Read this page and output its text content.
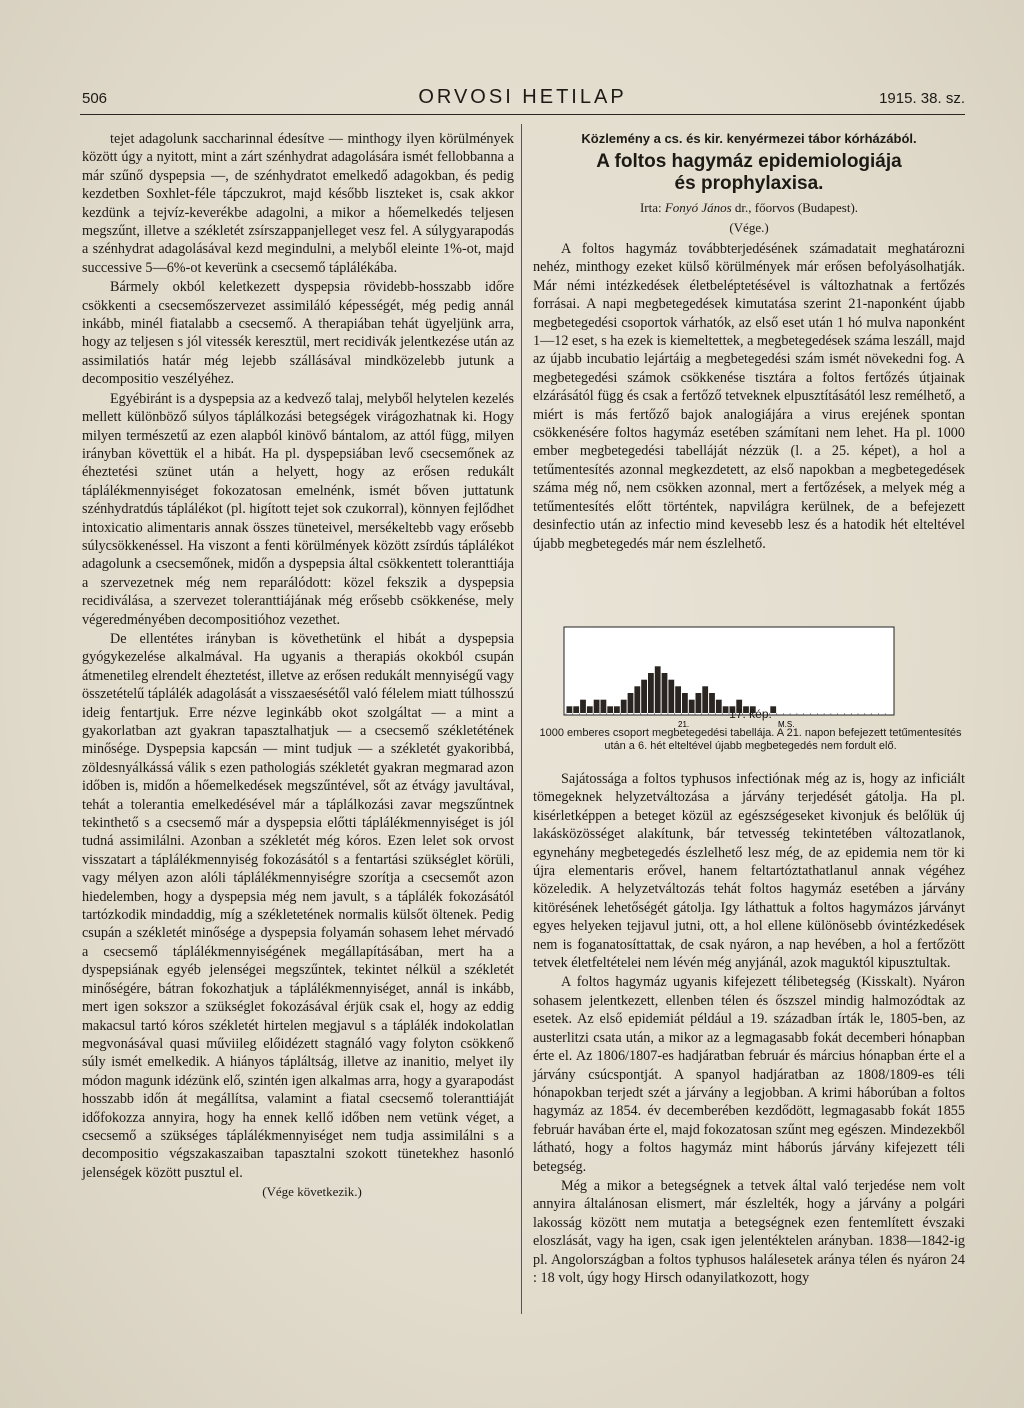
506	ORVOSI HETILAP	1915. 38. sz.

tejet adagolunk saccharinnal édesítve — minthogy ilyen körülmények között úgy a nyitott, mint a zárt szénhydrat adagolására ismét fellobbanna a már szűnő dyspepsia —, de szénhydratot emelkedő adagokban, és pedig kezdetben Soxhlet-féle tápczukrot, majd később liszteket is, csak akkor kezdünk a tejvíz-keverékbe adagolni, a mikor a hőemelkedés teljesen megszűnt, illetve a székletét zsírszappanjelleget vesz fel. A súlygyarapodás a szénhydrat adagolásával kezd megindulni, a melyből eleinte 1%-ot, majd successive 5—6%-ot keverünk a csecsemő táplálékába.

Bármely okból keletkezett dyspepsia rövidebb-hosszabb időre csökkenti a csecsemőszervezet assimiláló képességét, még pedig annál inkább, minél fiatalabb a csecsemő. A therapiában tehát ügyeljünk arra, hogy az teljesen s jól vitessék keresztül, mert recidivák jelentkezése után az assimilatiós határ még lejebb szállásával mindközelebb jutunk a decompositio veszélyéhez.

Egyébiránt is a dyspepsia az a kedvező talaj, melyből helytelen kezelés mellett különböző súlyos táplálkozási betegségek virágozhatnak ki. Hogy milyen természetű az ezen alapból kinövő bántalom, az attól függ, milyen irányban követtük el a hibát. Ha pl. dyspepsiában levő csecsemőnek az éheztetési szünet után a helyett, hogy az erősen redukált táplálékmennyiséget fokozatosan emelnénk, ismét bőven juttatunk szénhydratdús táplálékot (pl. higított tejet sok czukorral), könnyen fejlődhet intoxicatio alimentaris annak összes tüneteivel, mersékeltebb vagy erősebb súlycsökkenéssel. Ha viszont a fenti körülmények között zsírdús táplálékot adagolunk a csecsemőnek, midőn a dyspepsia által csökkentett toleranttiája a szervezetnek még nem reparálódott: közel fekszik a dyspepsia recidiválása, a szervezet toleranttiájának még erősebb csökkenése, mely végeredményében decompositióhoz vezethet.

De ellentétes irányban is követhetünk el hibát a dyspepsia gyógykezelése alkalmával. Ha ugyanis a therapiás okokból csupán átmenetileg elrendelt éheztetést, illetve az erősen redukált mennyiségű vagy összetételű táplálék adagolását a visszaesésétől való félelem miatt túlhosszú ideig fentartjuk. Erre nézve leginkább okot szolgáltat — a mint a gyakorlatban azt gyakran tapasztalhatjuk — a csecsemő székletétének minősége. Dyspepsia kapcsán — mint tudjuk — a székletét gyakoribbá, zöldesnyálkássá válik s ezen pathologiás székletét gyakran megmarad azon időben is, midőn a hőemelkedések megszűntével, sőt az étvágy javultával, tehát a tolerantia emelkedésével már a táplálkozási zavar megszűntnek tekinthető s a csecsemő már a dyspepsia előtti táplálékmennyiséget is jól tudná assimilálni. Azonban a székletét még kóros. Ezen lelet sok orvost visszatart a táplálékmennyiség fokozásától s a fentartási szükséglet körüli, vagy mélyen azon alóli táplálékmennyiségre szorítja a csecsemőt azon hiedelemben, hogy a dyspepsia még nem javult, s a táplálék fokozásától tartózkodik mindaddig, míg a székletetének normalis külsőt öltenek. Pedig csupán a székletét minősége a dyspepsia folyamán sohasem lehet mérvadó a csecsemő táplálékmennyiségének megállapításában, mert ha a dyspepsiának egyéb jelenségei megszűntek, tekintet nélkül a székletét minőségére, bátran fokozhatjuk a táplálékmennyiséget, annál is inkább, mert igen sokszor a szükséglet fokozásával érjük csak el, hogy az eddig makacsul tartó kóros székletét hirtelen megjavul s a táplálék indokolatlan megvonásával quasi műviileg előidézett stagnáló vagy folyton csökkenő súly ismét emelkedik. A hiányos tápláltság, illetve az inanitio, melyet ily módon magunk idézünk elő, szintén igen alkalmas arra, hogy a gyarapodást hosszabb időn át megállítsa, valamint a fiatal csecsemő toleranttiáját időfokozza annyira, hogy ha ennek kellő időben nem vetünk véget, a csecsemő a szükséges táplálékmennyiséget nem tudja assimilálni s a decompositio végszakaszaiban tapasztalni szokott tünetekhez hasonló jelenségek között pusztul el.

(Vége következik.)

Közlemény a cs. és kir. kenyérmezei tábor kórházából.
A foltos hagymáz epidemiologiája
és prophylaxisa.
Irta: Fonyó János dr., főorvos (Budapest).
(Vége.)

A foltos hagymáz továbbterjedésének számadatait meghatározni nehéz, minthogy ezeket külső körülmények már erősen befolyásolhatják. Már némi intézkedések életbeléptetésével is változhatnak a fertőzés forrásai. A napi megbetegedések kimutatása szerint 21-naponként újabb megbetegedési csoportok várhatók, az első eset után 1 hó mulva naponként 1—12 eset, s ha ezek is kiemeltettek, a megbetegedések száma leszáll, majd az újabb incubatio lejártáig a megbetegedési szám ismét növekedni fog. A megbetegedési számok csökkenése tisztára a foltos fertőzés útjainak elzárásától függ és csak a fertőző tetveknek elpusztításától lesz remélhető, a miért is más fertőző bajok analogiájára a virus erejének spontan csökkenésére foltos hagymáz esetében számítani nem lehet. Ha pl. 1000 ember megbetegedési tabelláját nézzük (l. a 25. képet), a hol a tetűmentesítés azonnal megkezdetett, az első napokban a megbetegedések száma még nő, nem csökken azonnal, mert a fertőzések, a melyek még a tetűmentesítés előtt történtek, napvilágra kerülnek, de a befejezett desinfectio után az infectio mind kevesebb lesz és a hatodik hét elteltével újabb megbetegedés már nem észlelhető.

21.	M.S.
17. kép.
1000 emberes csoport megbetegedési tabellája. A 21. napon befejezett tetűmentesítés után a 6. hét elteltével újabb megbetegedés nem fordult elő.

Sajátossága a foltos typhusos infectiónak még az is, hogy az inficiált tömegeknek helyzetváltozása a járvány terjedését gátolja. Ha pl. kisérletképpen a beteget közül az egészségeseket kivonjuk és belőlük új lakásközösséget alakítunk, bár tetvesség tekintetében változatlanok, egynehány megbetegedés észlelhető lesz még, de az epidemia nem tör ki újra elementaris erővel, hanem feltartóztathatlanul annak végéhez közeledik. A helyzetváltozás tehát foltos hagymáz esetében a járvány kitörésének lehetőségét gátolja. Igy láthattuk a foltos hagymázos járványt egyes helyeken tejjavul jutni, ott, a hol ellene különösebb óvintézkedések nem is foganatosíttattak, de csak nyáron, a nap hevében, a hol a fertőzött tetvek életfeltételei nem lévén még anyjánál, azok maguktól kipusztultak.

A foltos hagymáz ugyanis kifejezett télibetegség (Kisskalt). Nyáron sohasem jelentkezett, ellenben télen és őszszel mindig halmozódtak az esetek. Az első epidemiát például a 19. században írták le, 1805-ben, az austerlitzi csata után, a mikor az a legmagasabb fokát decemberi hónapban érte el. Az 1806/1807-es hadjáratban február és március hónapban érte el a járvány csúcspontját. A spanyol hadjáratban az 1808/1809-es téli hónapokban terjedt szét a járvány a legjobban. A krimi háborúban a foltos hagymáz az 1854. év decemberében kezdődött, legmagasabb fokát 1855 február havában érte el, majd fokozatosan szűnt meg egészen. Mindezekből látható, hogy a foltos hagymáz mint háborús járvány kifejezett téli betegség.

Még a mikor a betegségnek a tetvek által való terjedése nem volt annyira általánosan elismert, már észlelték, hogy a járvány a polgári lakosság között nem mutatja a betegségnek ezen fentemlített évszaki eloszlását, vagy ha igen, csak igen jelentéktelen arányban. 1838—1842-ig pl. Angolországban a foltos typhusos halálesetek aránya télen és nyáron 24 : 18 volt, úgy hogy Hirsch odanyilatkozott, hogy
